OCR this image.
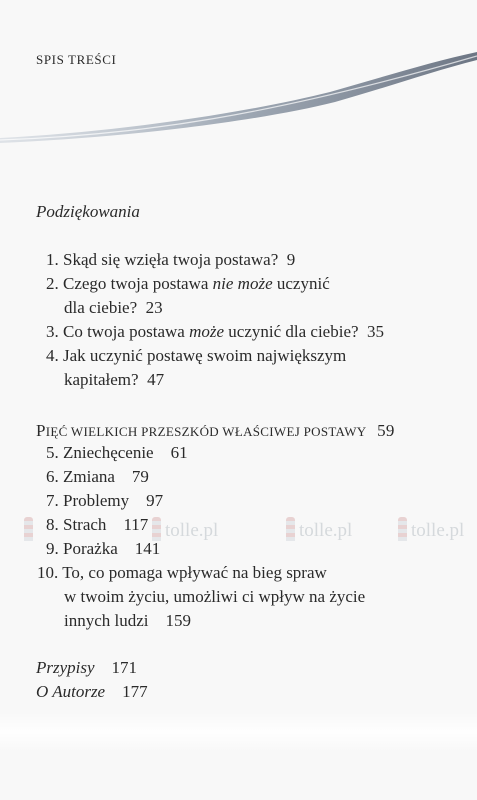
SPIS TREŚCI
Podziękowania
1. Skąd się wzięła twoja postawa? 9
2. Czego twoja postawa nie może uczynić
dla ciebie? 23
3. Co twoja postawa może uczynić dla ciebie? 35
4. Jak uczynić postawę swoim największym
kapitałem? 47
PIĘĆ WIELKICH PRZESZKÓD WŁAŚCIWEJ POSTAWY 59
5. Zniechęcenie 61
6. Zmiana 79
7. Problemy 97
tolle.pl	tolle.pl	tolle.pl
8. Strach 117
9. Porażka 141
10. To, co pomaga wpływać na bieg spraw
w twoim życiu, umożliwi ci wpływ na życie
innych ludzi 159
Przypisy 171
O Autorze 177
